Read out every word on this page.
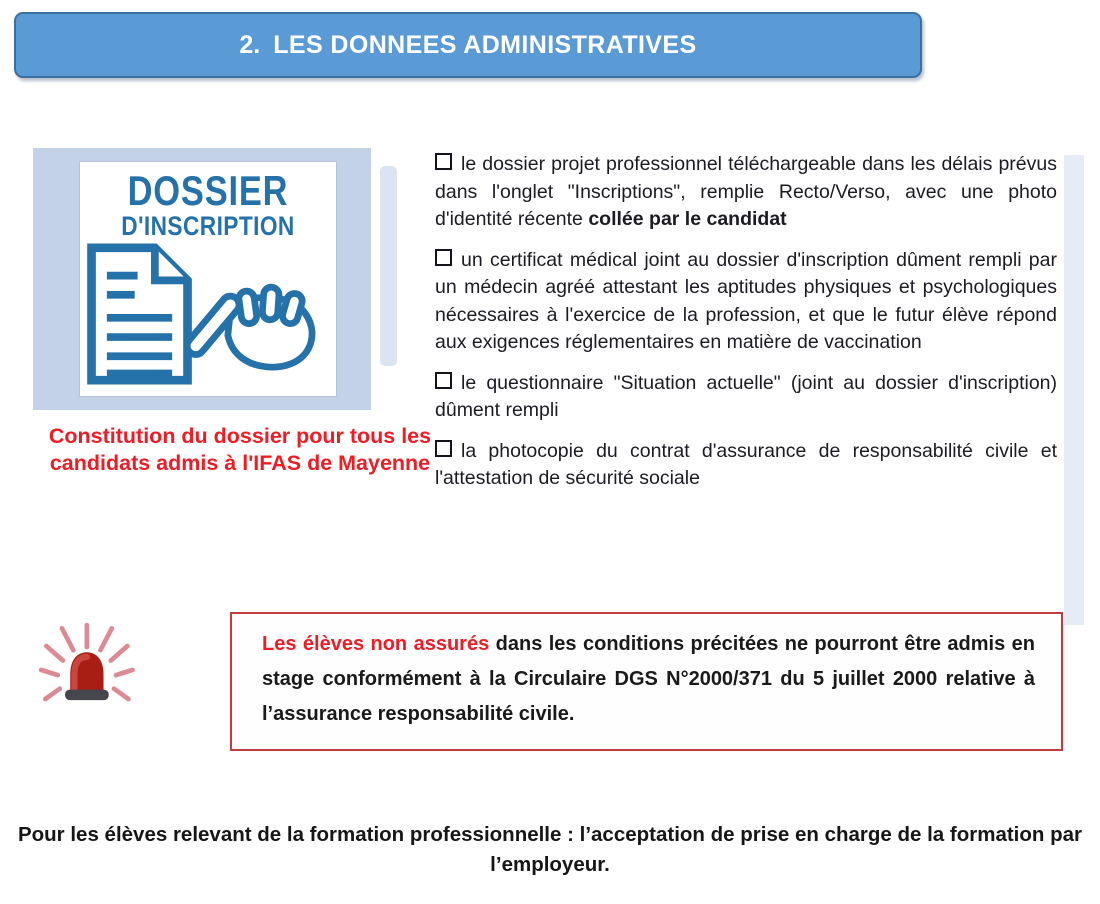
2. LES DONNEES ADMINISTRATIVES
DOSSIER
D'INSCRIPTION
Constitution du dossier pour tous les candidats admis à l'IFAS de Mayenne
le dossier projet professionnel téléchargeable dans les délais prévus dans l'onglet "Inscriptions", remplie Recto/Verso, avec une photo d'identité récente collée par le candidat
un certificat médical joint au dossier d'inscription dûment rempli par un médecin agréé attestant les aptitudes physiques et psychologiques nécessaires à l'exercice de la profession, et que le futur élève répond aux exigences réglementaires en matière de vaccination
le questionnaire "Situation actuelle" (joint au dossier d'inscription) dûment rempli
la photocopie du contrat d'assurance de responsabilité civile et l'attestation de sécurité sociale
Les élèves non assurés dans les conditions précitées ne pourront être admis en stage conformément à la Circulaire DGS N°2000/371 du 5 juillet 2000 relative à l’assurance responsabilité civile.
Pour les élèves relevant de la formation professionnelle : l’acceptation de prise en charge de la formation par l’employeur.
